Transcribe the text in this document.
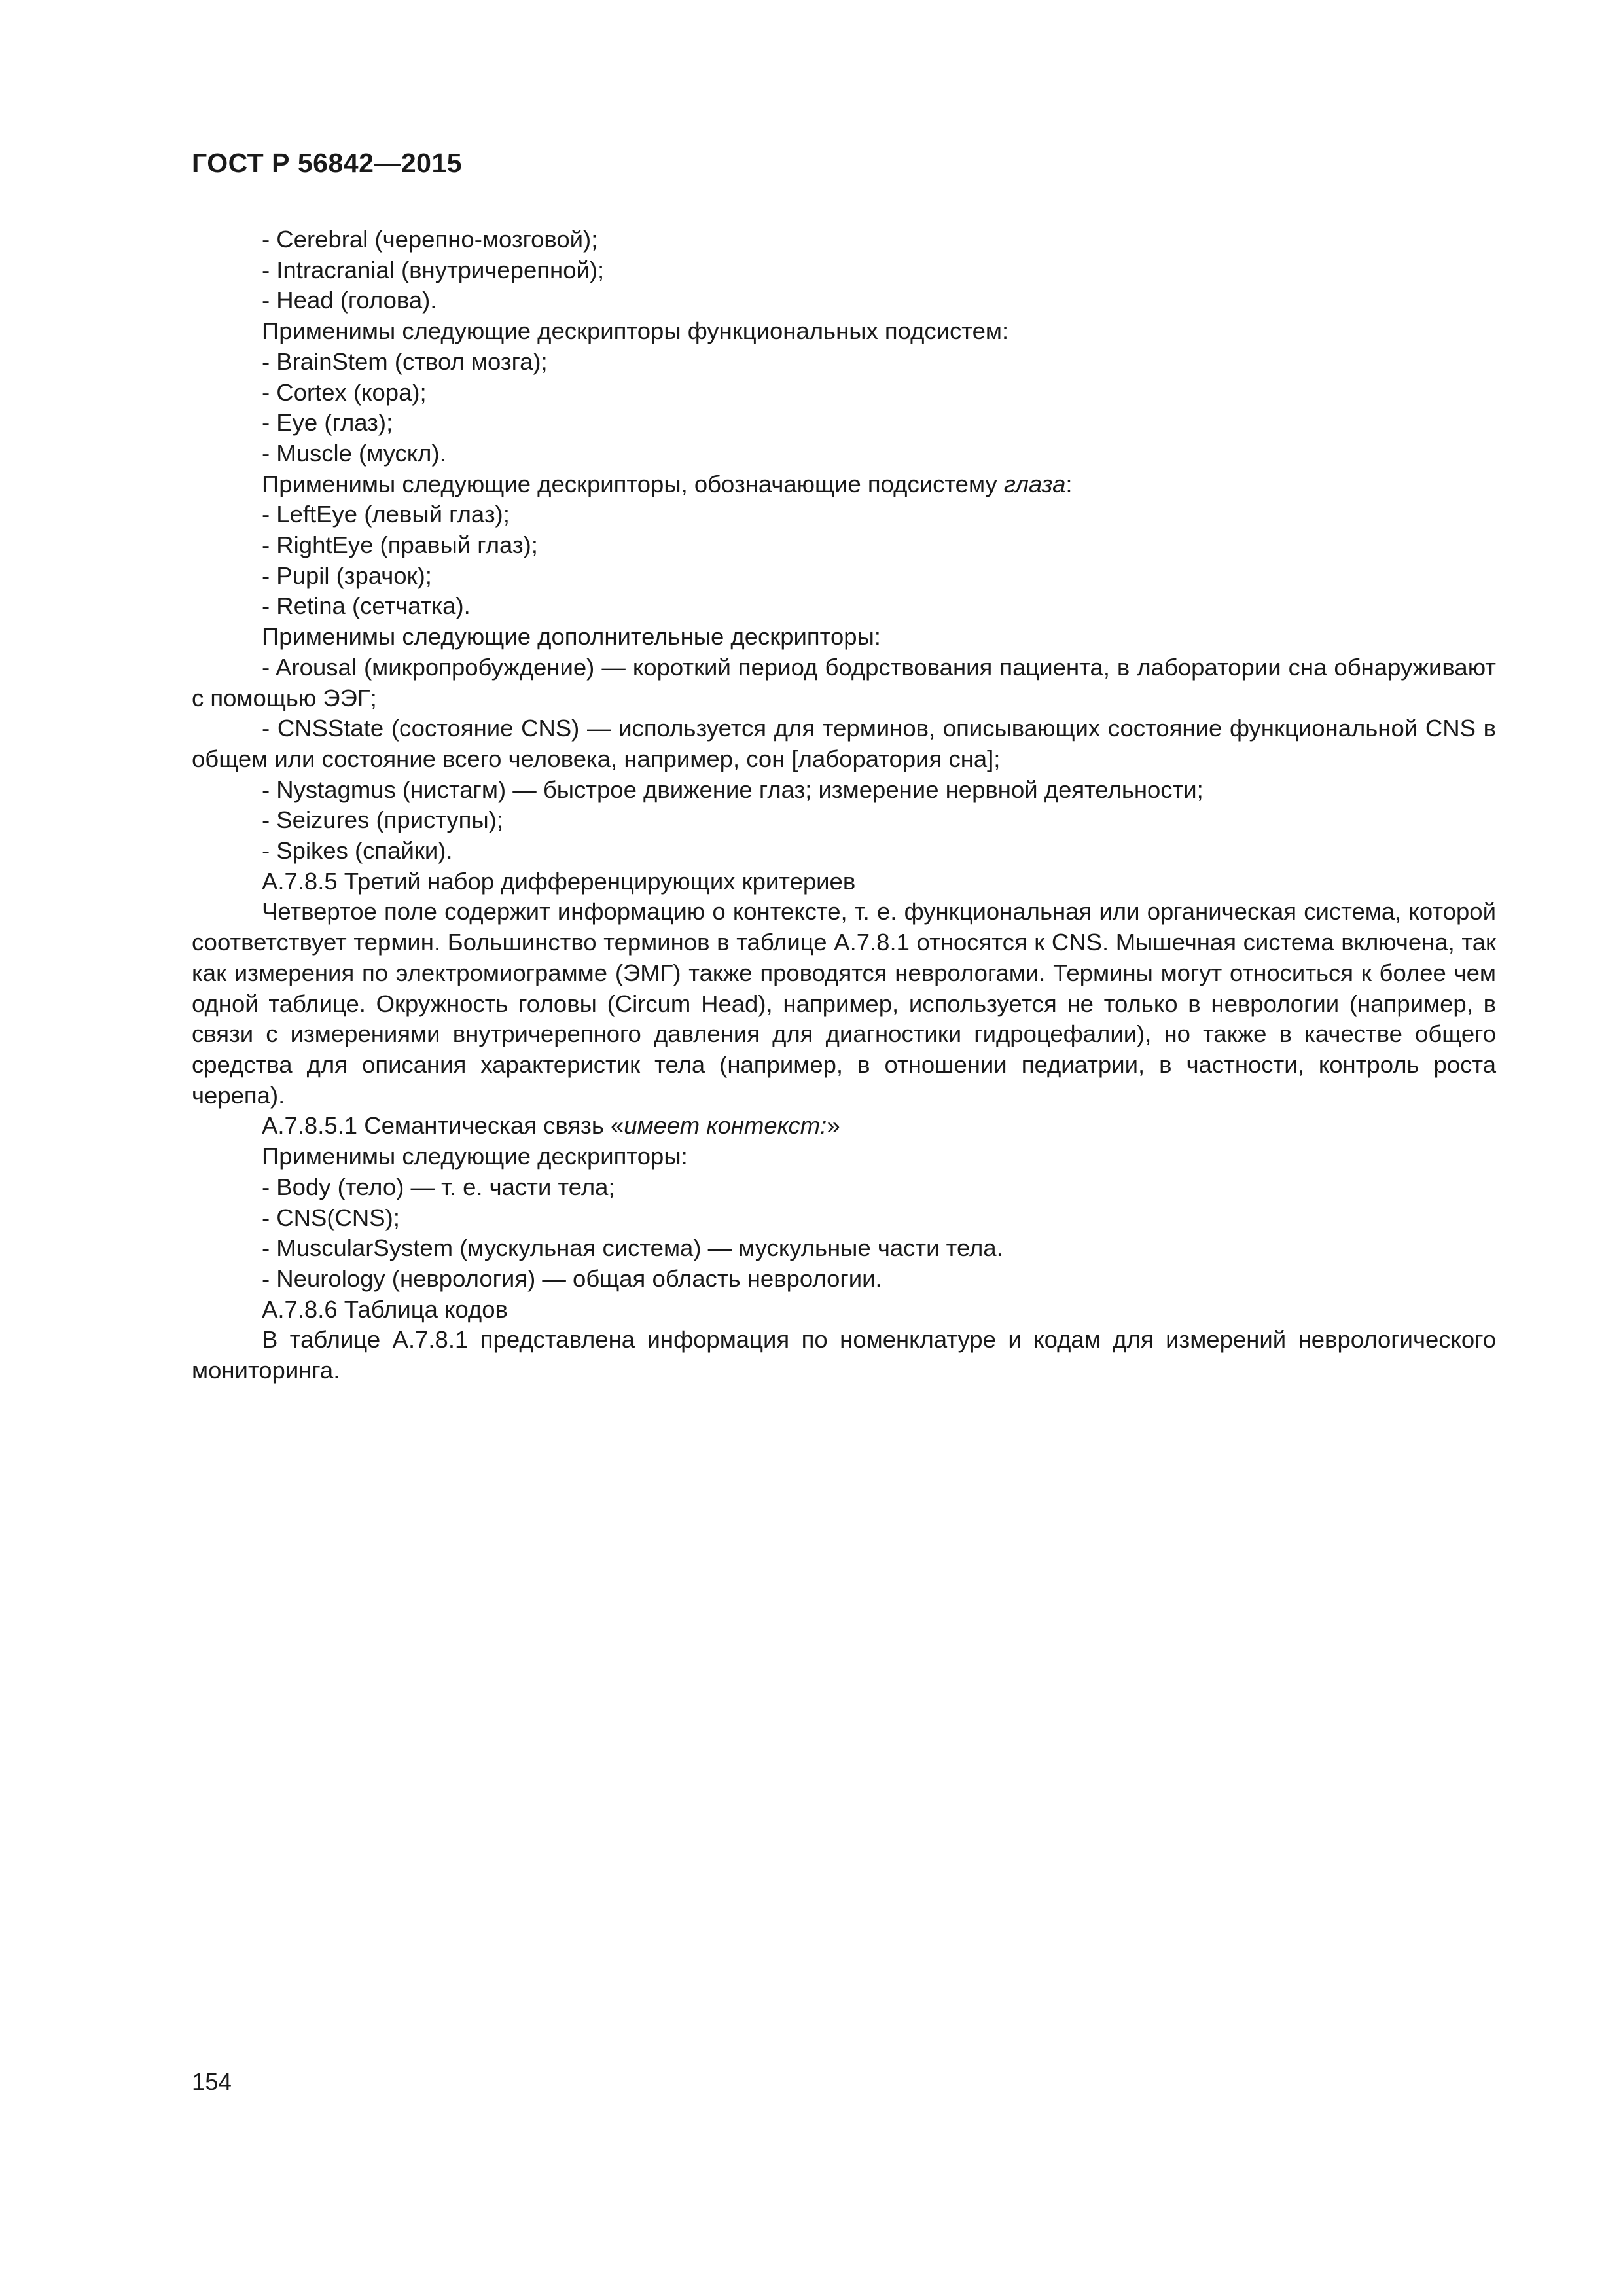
ГОСТ Р 56842—2015

- Cerebral (черепно-мозговой);

- Intracranial (внутричерепной);

- Head (голова).

Применимы следующие дескрипторы функциональных подсистем:

- BrainStem (ствол мозга);

- Cortex (кора);

- Eye (глаз);

- Muscle (мускл).

Применимы следующие дескрипторы, обозначающие подсистему глаза:

- LeftEye (левый глаз);

- RightEye (правый глаз);

- Pupil (зрачок);

- Retina (сетчатка).

Применимы следующие дополнительные дескрипторы:

- Arousal (микропробуждение) — короткий период бодрствования пациента, в лаборатории сна обнаруживают с помощью ЭЭГ;

- CNSState (состояние CNS) — используется для терминов, описывающих состояние функциональной CNS в общем или состояние всего человека, например, сон [лаборатория сна];

- Nystagmus (нистагм) — быстрое движение глаз; измерение нервной деятельности;

- Seizures (приступы);

- Spikes (спайки).

А.7.8.5 Третий набор дифференцирующих критериев

Четвертое поле содержит информацию о контексте, т. е. функциональная или органическая система, которой соответствует термин. Большинство терминов в таблице А.7.8.1 относятся к CNS. Мышечная система включена, так как измерения по электромиограмме (ЭМГ) также проводятся неврологами. Термины могут относиться к более чем одной таблице. Окружность головы (Circum Head), например, используется не только в неврологии (например, в связи с измерениями внутричерепного давления для диагностики гидроцефалии), но также в качестве общего средства для описания характеристик тела (например, в отношении педиатрии, в частности, контроль роста черепа).

А.7.8.5.1 Семантическая связь «имеет контекст:»

Применимы следующие дескрипторы:

- Body (тело) — т. е. части тела;

- CNS(CNS);

- MuscularSystem (мускульная система) — мускульные части тела.

- Neurology (неврология) — общая область неврологии.

А.7.8.6 Таблица кодов

В таблице А.7.8.1 представлена информация по номенклатуре и кодам для измерений неврологического мониторинга.

154
